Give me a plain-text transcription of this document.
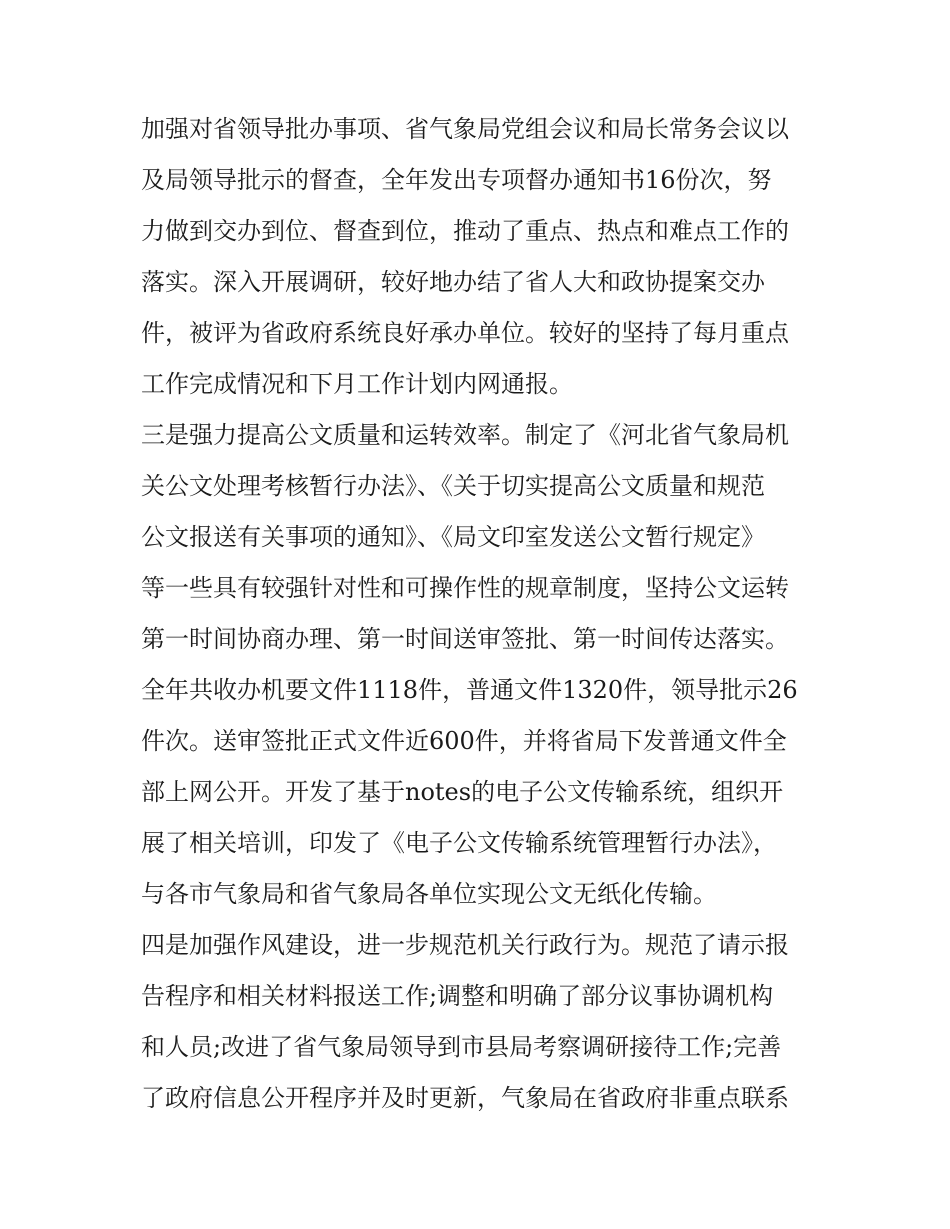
加强对省领导批办事项、省气象局党组会议和局长常务会议以
及局领导批示的督查，全年发出专项督办通知书16份次，努
力做到交办到位、督查到位，推动了重点、热点和难点工作的
落实。深入开展调研，较好地办结了省人大和政协提案交办
件，被评为省政府系统良好承办单位。较好的坚持了每月重点
工作完成情况和下月工作计划内网通报。
三是强力提高公文质量和运转效率。制定了《河北省气象局机
关公文处理考核暂行办法》、《关于切实提高公文质量和规范
公文报送有关事项的通知》、《局文印室发送公文暂行规定》
等一些具有较强针对性和可操作性的规章制度，坚持公文运转
第一时间协商办理、第一时间送审签批、第一时间传达落实。
全年共收办机要文件1118件，普通文件1320件，领导批示26
件次。送审签批正式文件近600件，并将省局下发普通文件全
部上网公开。开发了基于notes的电子公文传输系统，组织开
展了相关培训，印发了《电子公文传输系统管理暂行办法》，
与各市气象局和省气象局各单位实现公文无纸化传输。
四是加强作风建设，进一步规范机关行政行为。规范了请示报
告程序和相关材料报送工作;调整和明确了部分议事协调机构
和人员;改进了省气象局领导到市县局考察调研接待工作;完善
了政府信息公开程序并及时更新，气象局在省政府非重点联系
